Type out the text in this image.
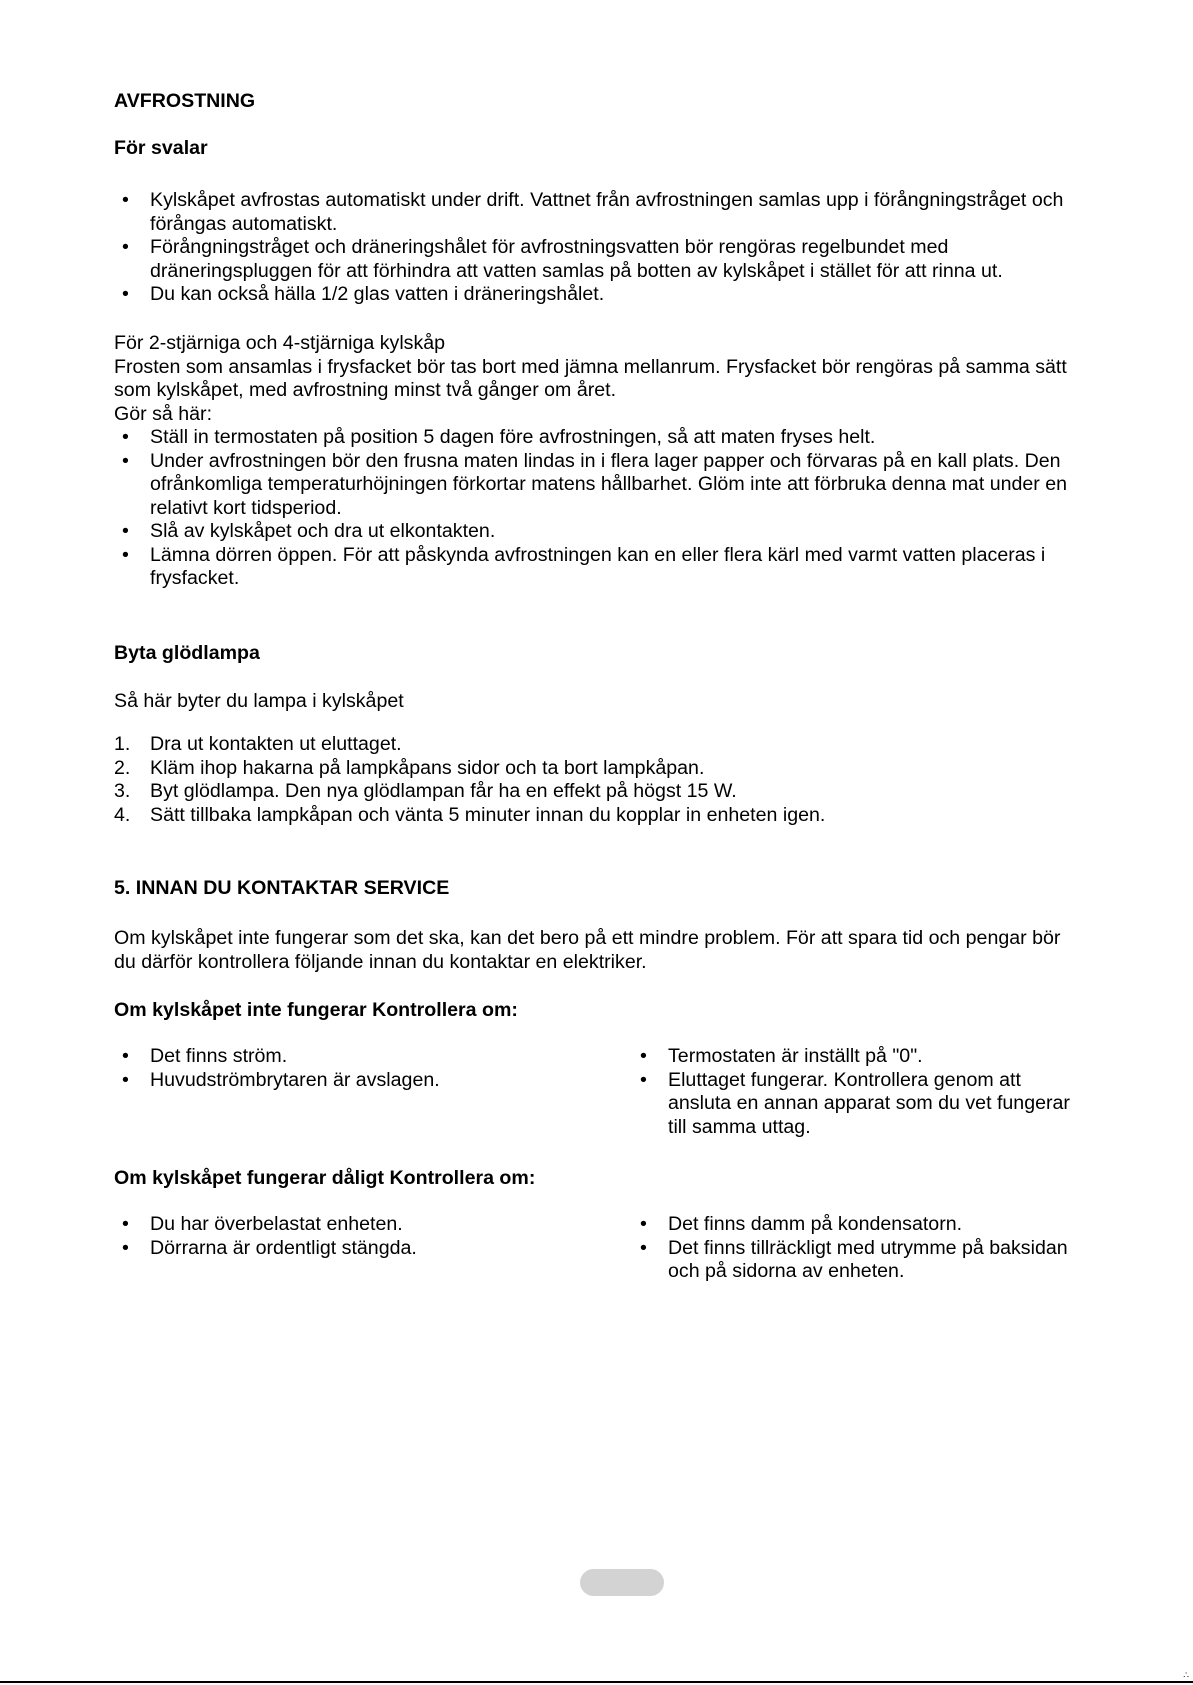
AVFROSTNING

För svalar

• Kylskåpet avfrostas automatiskt under drift. Vattnet från avfrostningen samlas upp i förångningstråget och förångas automatiskt.
• Förångningstråget och dräneringshålet för avfrostningsvatten bör rengöras regelbundet med dräneringspluggen för att förhindra att vatten samlas på botten av kylskåpet i stället för att rinna ut.
• Du kan också hälla 1/2 glas vatten i dräneringshålet.

För 2-stjärniga och 4-stjärniga kylskåp

Frosten som ansamlas i frysfacket bör tas bort med jämna mellanrum. Frysfacket bör rengöras på samma sätt som kylskåpet, med avfrostning minst två gånger om året.

Gör så här:

• Ställ in termostaten på position 5 dagen före avfrostningen, så att maten fryses helt.
• Under avfrostningen bör den frusna maten lindas in i flera lager papper och förvaras på en kall plats. Den ofrånkomliga temperaturhöjningen förkortar matens hållbarhet. Glöm inte att förbruka denna mat under en relativt kort tidsperiod.
• Slå av kylskåpet och dra ut elkontakten.
• Lämna dörren öppen. För att påskynda avfrostningen kan en eller flera kärl med varmt vatten placeras i frysfacket.

Byta glödlampa

Så här byter du lampa i kylskåpet

1. Dra ut kontakten ut eluttaget.
2. Kläm ihop hakarna på lampkåpans sidor och ta bort lampkåpan.
3. Byt glödlampa. Den nya glödlampan får ha en effekt på högst 15 W.
4. Sätt tillbaka lampkåpan och vänta 5 minuter innan du kopplar in enheten igen.

5. INNAN DU KONTAKTAR SERVICE

Om kylskåpet inte fungerar som det ska, kan det bero på ett mindre problem. För att spara tid och pengar bör du därför kontrollera följande innan du kontaktar en elektriker.

Om kylskåpet inte fungerar Kontrollera om:

• Det finns ström.
• Huvudströmbrytaren är avslagen.
• Termostaten är inställt på "0".
• Eluttaget fungerar. Kontrollera genom att ansluta en annan apparat som du vet fungerar till samma uttag.

Om kylskåpet fungerar dåligt Kontrollera om:

• Du har överbelastat enheten.
• Dörrarna är ordentligt stängda.
• Det finns damm på kondensatorn.
• Det finns tillräckligt med utrymme på baksidan och på sidorna av enheten.
∴
